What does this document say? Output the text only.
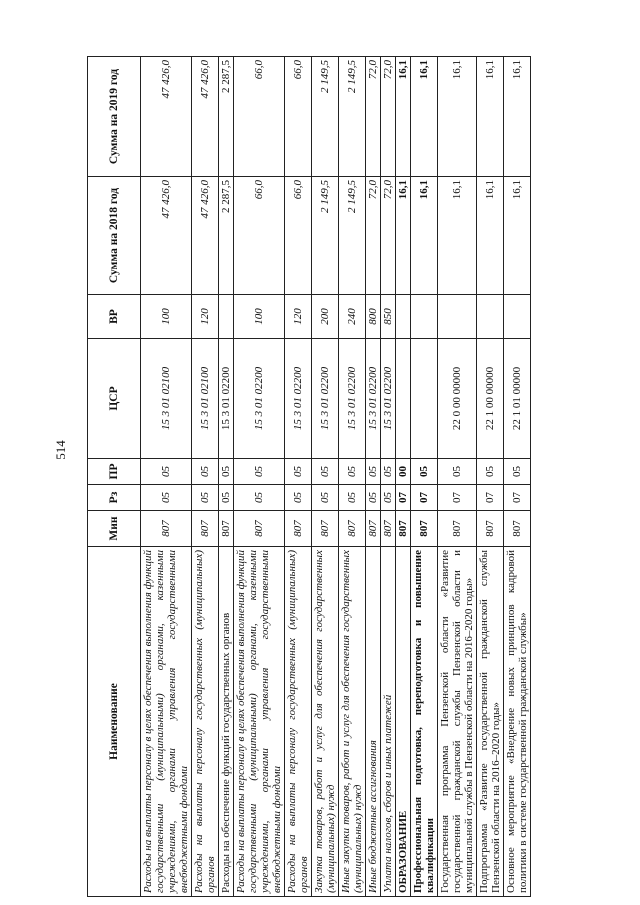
514
Наименование	Мин	Рз	ПР	ЦСР	ВР	Сумма на 2018 год	Сумма на 2019 год
Расходы на выплаты персоналу в целях обеспечения выполнения функций государственными (муниципальными) органами, казенными учреждениями, органами управления государственными внебюджетными фондами	807	05	05	15 3 01 02100	100	47 426,0	47 426,0
Расходы на выплаты персоналу государственных (муниципальных) органов	807	05	05	15 3 01 02100	120	47 426,0	47 426,0
Расходы на обеспечение функций государственных органов	807	05	05	15 3 01 02200		2 287,5	2 287,5
Расходы на выплаты персоналу в целях обеспечения выполнения функций государственными (муниципальными) органами, казенными учреждениями, органами управления государственными внебюджетными фондами	807	05	05	15 3 01 02200	100	66,0	66,0
Расходы на выплаты персоналу государственных (муниципальных) органов	807	05	05	15 3 01 02200	120	66,0	66,0
Закупка товаров, работ и услуг для обеспечения государственных (муниципальных) нужд	807	05	05	15 3 01 02200	200	2 149,5	2 149,5
Иные закупки товаров, работ и услуг для обеспечения государственных (муниципальных) нужд	807	05	05	15 3 01 02200	240	2 149,5	2 149,5
Иные бюджетные ассигнования	807	05	05	15 3 01 02200	800	72,0	72,0
Уплата налогов, сборов и иных платежей	807	05	05	15 3 01 02200	850	72,0	72,0
ОБРАЗОВАНИЕ	807	07	00			16,1	16,1
Профессиональная подготовка, переподготовка и повышение квалификации	807	07	05			16,1	16,1
Государственная программа Пензенской области «Развитие государственной гражданской службы Пензенской области и муниципальной службы в Пензенской области на 2016–2020 годы»	807	07	05	22 0 00 00000		16,1	16,1
Подпрограмма «Развитие государственной гражданской службы Пензенской области на 2016–2020 годы»	807	07	05	22 1 00 00000		16,1	16,1
Основное мероприятие «Внедрение новых принципов кадровой политики в системе государственной гражданской службы»	807	07	05	22 1 01 00000		16,1	16,1
